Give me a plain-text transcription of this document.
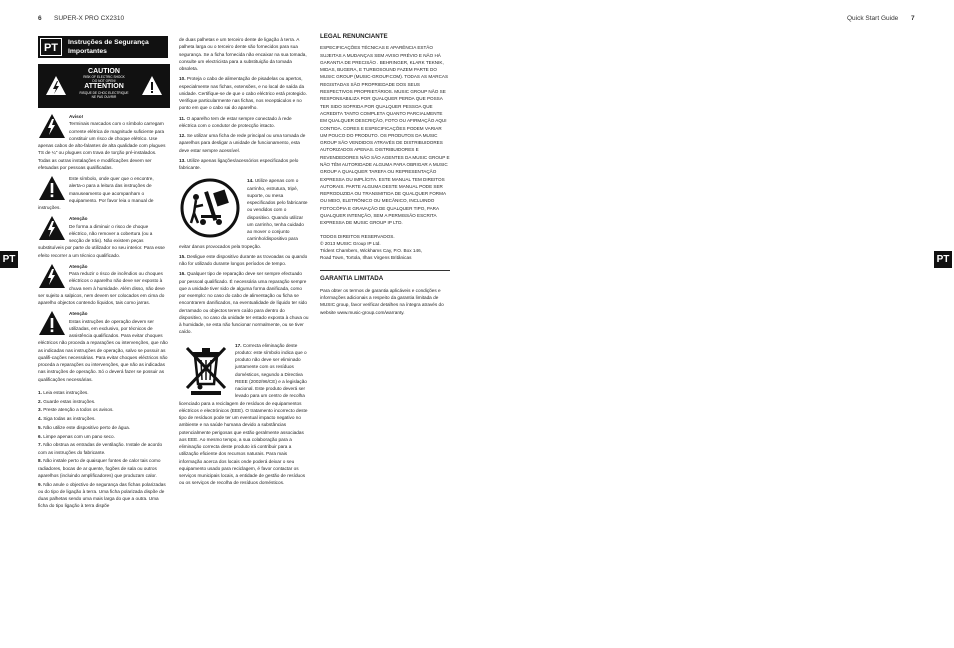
6 SUPER-X PRO CX2310	Quick Start Guide 7
PT	PT
PT	Instruções de Segurança
Importantes
CAUTION
RISK OF ELECTRIC SHOCK
DO NOT OPEN!
ATTENTION
RISQUE DE CHOC ELECTRIQUE
NE PAS OUVRIR
Aviso!
Terminais marcados com o símbolo carregam corrente elétrica de magnitude suficiente para constituir um risco de choque elétrico. Use apenas cabos de alto-falantes de alta qualidade com plugues TS de ¼" ou plugues com trava de torção pré-instalados. Todas as outras instalações e modificações devem ser efetuadas por pessoas qualificadas.
Este símbolo, onde quer que o encontre, alerta-o para a leitura das instruções de manuseamento que acompanham o equipamento. Por favor leia o manual de instruções.
Atenção
De forma a diminuir o risco de choque eléctrico, não remover a cobertura (ou a secção de trás). Não existem peças substituíveis por parte do utilizador no seu interior. Para esse efeito recorrer a um técnico qualificado.
Atenção
Para reduzir o risco de incêndios ou choques eléctricos o aparelho não deve ser exposto à chuva nem à humidade. Além disso, não deve ser sujeito a salpicos, nem devem ser colocados em cima do aparelho objectos contendo líquidos, tais como jarras.
Atenção
Estas instruções de operação devem ser utilizadas, em exclusivo, por técnicos de assistência qualificados. Para evitar choques eléctricos não proceda a reparações ou intervenções, que não as indicadas nas instruções de operação, salvo se possuir as qualifi-cações necessárias. Para evitar choques eléctricos não proceda a reparações ou intervenções, que não as indicadas nas instruções de operação. Só o deverá fazer se possuir as qualificações necessárias.
1. Leia estas instruções.
2. Guarde estas instruções.
3. Preste atenção a todos os avisos.
4. Siga todas as instruções.
5. Não utilize este dispositivo perto de água.
6. Limpe apenas com um pano seco.
7. Não obstrua as entradas de ventilação. Instale de acordo com as instruções do fabricante.
8. Não instale perto de quaisquer fontes de calor tais como radiadores, bocas de ar quente, fogões de sala ou outros aparelhos (incluindo amplificadores) que produzam calor.
9. Não anule o objectivo de segurança das fichas polarizadas ou do tipo de ligação à terra. Uma ficha polarizada dispõe de duas palhetas sendo uma mais larga do que a outra. Uma ficha do tipo ligação à terra dispõe
de duas palhetas e um terceiro dente de ligação à terra. A palheta larga ou o terceiro dente são fornecidos para sua segurança. Se a ficha fornecida não encaixar na sua tomada, consulte um electricista para a substituição da tomada obsoleta.
10. Proteja o cabo de alimentação de pisadelas ou apertos, especialmente nas fichas, extensões, e no local de saída da unidade. Certifique-se de que o cabo eléctrico está protegido. Verifique particularmente nas fichas, nos receptáculos e no ponto em que o cabo sai do aparelho.
11. O aparelho tem de estar sempre conectado à rede eléctrica com o condutor de protecção intacto.
12. Se utilizar uma ficha de rede principal ou uma tomada de aparelhos para desligar a unidade de funcionamento, esta deve estar sempre acessível.
13. Utilize apenas ligações/acessórios especificados pelo fabricante.
14. Utilize apenas com o carrinho, estrutura, tripé, suporte, ou mesa especificados pelo fabricante ou vendidos com o dispositivo. Quando utilizar um carrinho, tenha cuidado ao mover o conjunto carrinho/dispositivo para evitar danos provocados pela tropeção.
15. Desligue este dispositivo durante as trovoadas ou quando não for utilizado durante longos períodos de tempo.
16. Qualquer tipo de reparação deve ser sempre efectuado por pessoal qualificado. É necessária uma reparação sempre que a unidade tiver sido de alguma forma danificada, como por exemplo: no caso do cabo de alimentação ou ficha se encontrarem danificados, na eventualidade de líquido ter sido derramado ou objectos terem caído para dentro do dispositivo, no caso da unidade ter estado exposta à chuva ou à humidade, se esta não funcionar normalmente, ou se tiver caído.
17. Correcta eliminação deste produto: este símbolo indica que o produto não deve ser eliminado juntamente com os resíduos domésticos, segundo a Directiva REEE (2002/96/CE) e a legislação nacional. Este produto deverá ser levado para um centro de recolha licenciado para a reciclagem de resíduos de equipamentos eléctricos e electrónicos (EEE). O tratamento incorrecto deste tipo de resíduos pode ter um eventual impacto negativo no ambiente e na saúde humana devido a substâncias potencialmente perigosas que estão geralmente associadas aos EEE. Ao mesmo tempo, a sua colaboração para a eliminação correcta deste produto irá contribuir para a utilização eficiente dos recursos naturais. Para mais informação acerca dos locais onde poderá deixar o seu equipamento usado para reciclagem, é favor contactar os serviços municipais locais, a entidade de gestão de resíduos ou os serviços de recolha de resíduos domésticos.
LEGAL RENUNCIANTE
ESPECIFICAÇÕES TÉCNICAS E APARÊNCIA ESTÃO SUJEITAS A MUDANÇAS SEM AVISO PRÉVIO E NÃO HÁ GARANTIA DE PRECISÃO . BEHRINGER, KLARK TEKNIK, MIDAS, BUGERA, E TURBOSOUND FAZEM PARTE DO MUSIC GROUP (MUSIC-GROUP.COM). TODAS AS MARCAS REGISTADAS SÃO PROPRIEDADE DOS SEUS RESPECTIVOS PROPRIETÁRIOS. MUSIC GROUP NÃO SE RESPONSABILIZA POR QUALQUER PERDA QUE POSSA TER SIDO SOFRIDA POR QUALQUER PESSOA QUE ACREDITA TANTO COMPLETA QUANTO PARCIALMENTE EM QUALQUER DESCRIÇÃO, FOTO OU AFIRMAÇÃO AQUI CONTIDA. CORES E ESPECIFICAÇÕES PODEM VARIAR UM POUCO DO PRODUTO. OS PRODUTOS DA MUSIC GROUP SÃO VENDIDOS ATRAVÉS DE DISTRIBUIDORES AUTORIZADOS APENAS. DISTRIBUIDORES E REVENDEDORES NÃO SÃO AGENTES DA MUSIC GROUP E NÃO TÊM AUTORIDADE ALGUMA PARA OBRIGAR A MUSIC GROUP A QUALQUER TAREFA OU REPRESENTAÇÃO EXPRESSA OU IMPLÍCITA. ESTE MANUAL TEM DIREITOS AUTORAIS. PARTE ALGUMA DESTE MANUAL PODE SER REPRODUZIDA OU TRANSMITIDA DE QUALQUER FORMA OU MEIO, ELETRÔNICO OU MECÂNICO, INCLUINDO FOTOCÓPIA E GRAVAÇÃO DE QUALQUER TIPO, PARA QUALQUER INTENÇÃO, SEM A PERMISSÃO ESCRITA EXPRESSA DE MUSIC GROUP IP LTD.
TODOS DIREITOS RESERVADOS.
© 2013 MUSIC Group IP Ltd.
Trident Chambers, Wickhams Cay, P.O. Box 146,
Road Town, Tortola, Ilhas Virgens Britânicas
GARANTIA LIMITADA
Para obter os termos de garantia aplicáveis e condições e informações adicionais a respeito da garantia limitada de MUSIC group, favor verificar detalhes na íntegra através do website www.music-group.com/warranty.
